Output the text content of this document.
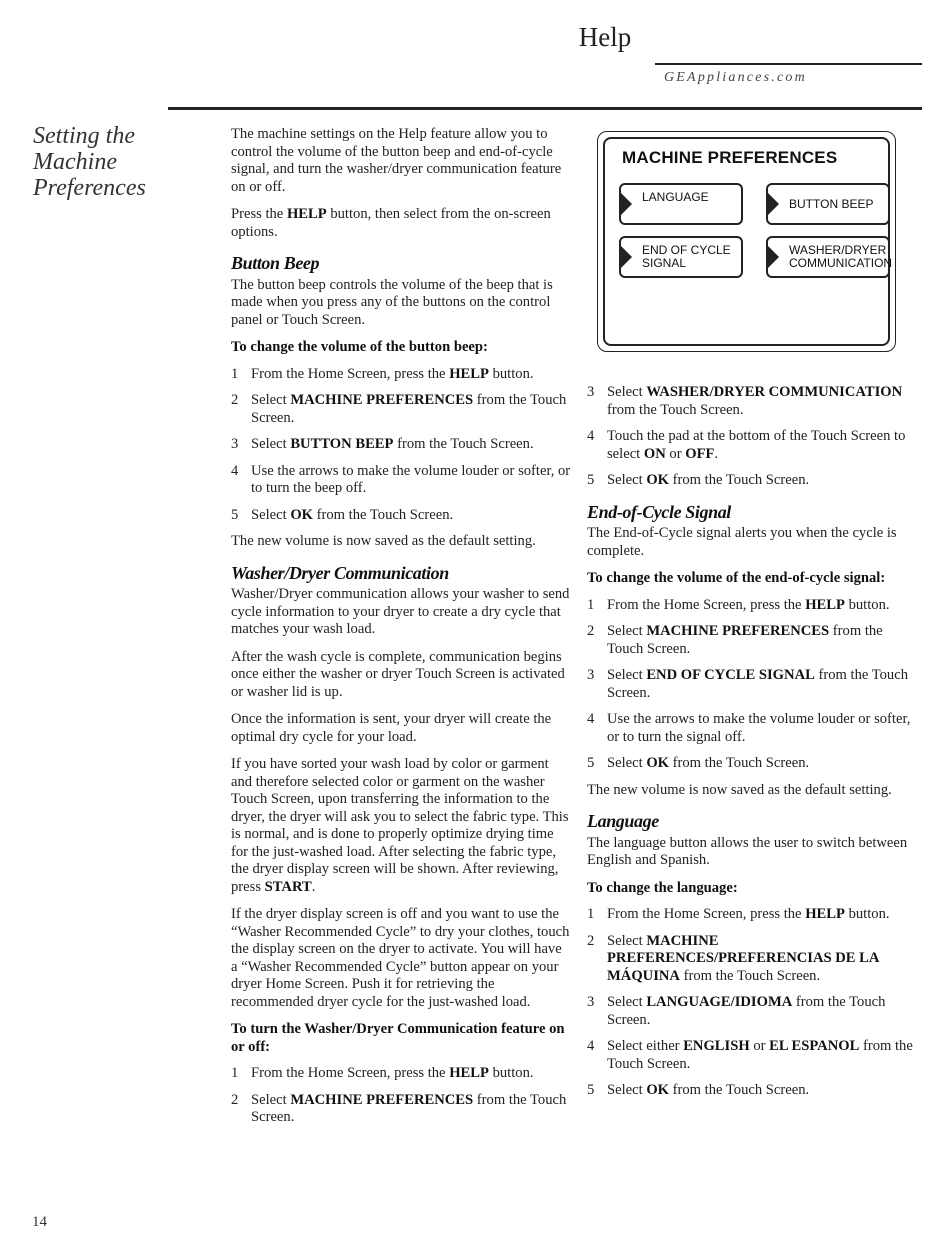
Help
GEAppliances.com
Setting the Machine Preferences

The machine settings on the Help feature allow you to control the volume of the button beep and end-of-cycle signal, and turn the washer/dryer communication feature on or off.

Press the HELP button, then select from the on-screen options.

Button Beep

The button beep controls the volume of the beep that is made when you press any of the buttons on the control panel or Touch Screen.

To change the volume of the button beep:
1 From the Home Screen, press the HELP button.
2 Select MACHINE PREFERENCES from the Touch Screen.
3 Select BUTTON BEEP from the Touch Screen.
4 Use the arrows to make the volume louder or softer, or to turn the beep off.
5 Select OK from the Touch Screen.

The new volume is now saved as the default setting.

Washer/Dryer Communication

Washer/Dryer communication allows your washer to send cycle information to your dryer to create a dry cycle that matches your wash load.

After the wash cycle is complete, communication begins once either the washer or dryer Touch Screen is activated or washer lid is up.

Once the information is sent, your dryer will create the optimal dry cycle for your load.

If you have sorted your wash load by color or garment and therefore selected color or garment on the washer Touch Screen, upon transferring the information to the dryer, the dryer will ask you to select the fabric type. This is normal, and is done to properly optimize drying time for the just-washed load. After selecting the fabric type, the dryer display screen will be shown. After reviewing, press START.

If the dryer display screen is off and you want to use the “Washer Recommended Cycle” to dry your clothes, touch the display screen on the dryer to activate. You will have a “Washer Recommended Cycle” button appear on your dryer Home Screen. Push it for retrieving the recommended dryer cycle for the just-washed load.

To turn the Washer/Dryer Communication feature on or off:
1 From the Home Screen, press the HELP button.
2 Select MACHINE PREFERENCES from the Touch Screen.
MACHINE PREFERENCES
LANGUAGE	BUTTON BEEP
END OF CYCLE SIGNAL
WASHER/DRYER COMMUNICATION
3 Select WASHER/DRYER COMMUNICATION from the Touch Screen.
4 Touch the pad at the bottom of the Touch Screen to select ON or OFF.
5 Select OK from the Touch Screen.
End-of-Cycle Signal

The End-of-Cycle signal alerts you when the cycle is complete.

To change the volume of the end-of-cycle signal:
1 From the Home Screen, press the HELP button.
2 Select MACHINE PREFERENCES from the Touch Screen.
3 Select END OF CYCLE SIGNAL from the Touch Screen.
4 Use the arrows to make the volume louder or softer, or to turn the signal off.
5 Select OK from the Touch Screen.

The new volume is now saved as the default setting.

Language

The language button allows the user to switch between English and Spanish.

To change the language:
1 From the Home Screen, press the HELP button.
2 Select MACHINE PREFERENCES/PREFERENCIAS DE LA MÁQUINA from the Touch Screen.
3 Select LANGUAGE/IDIOMA from the Touch Screen.
4 Select either ENGLISH or EL ESPANOL from the Touch Screen.
5 Select OK from the Touch Screen.
14
